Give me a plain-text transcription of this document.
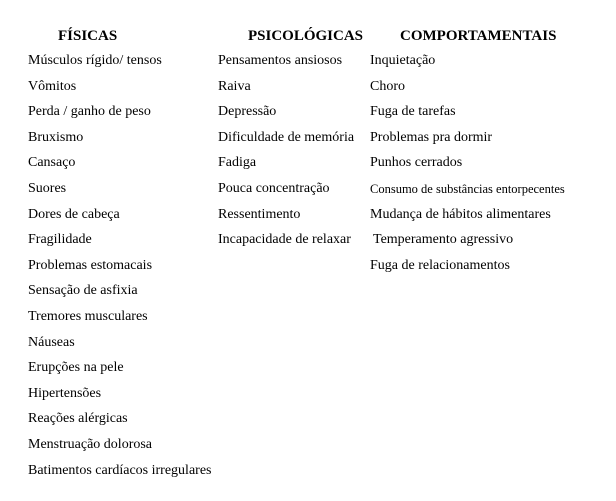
FÍSICAS
Músculos rígido/ tensos
Vômitos
Perda / ganho de peso
Bruxismo
Cansaço
Suores
Dores de cabeça
Fragilidade
Problemas estomacais
Sensação de asfixia
Tremores musculares
Náuseas
Erupções na pele
Hipertensões
Reações alérgicas
Menstruação dolorosa
Batimentos cardíacos irregulares
PSICOLÓGICAS
Pensamentos ansiosos
Raiva
Depressão
Dificuldade de memória
Fadiga
Pouca concentração
Ressentimento
Incapacidade de relaxar
COMPORTAMENTAIS
Inquietação
Choro
Fuga de tarefas
Problemas pra dormir
Punhos cerrados
Consumo de substâncias entorpecentes
Mudança de hábitos alimentares
Temperamento agressivo
Fuga de relacionamentos
